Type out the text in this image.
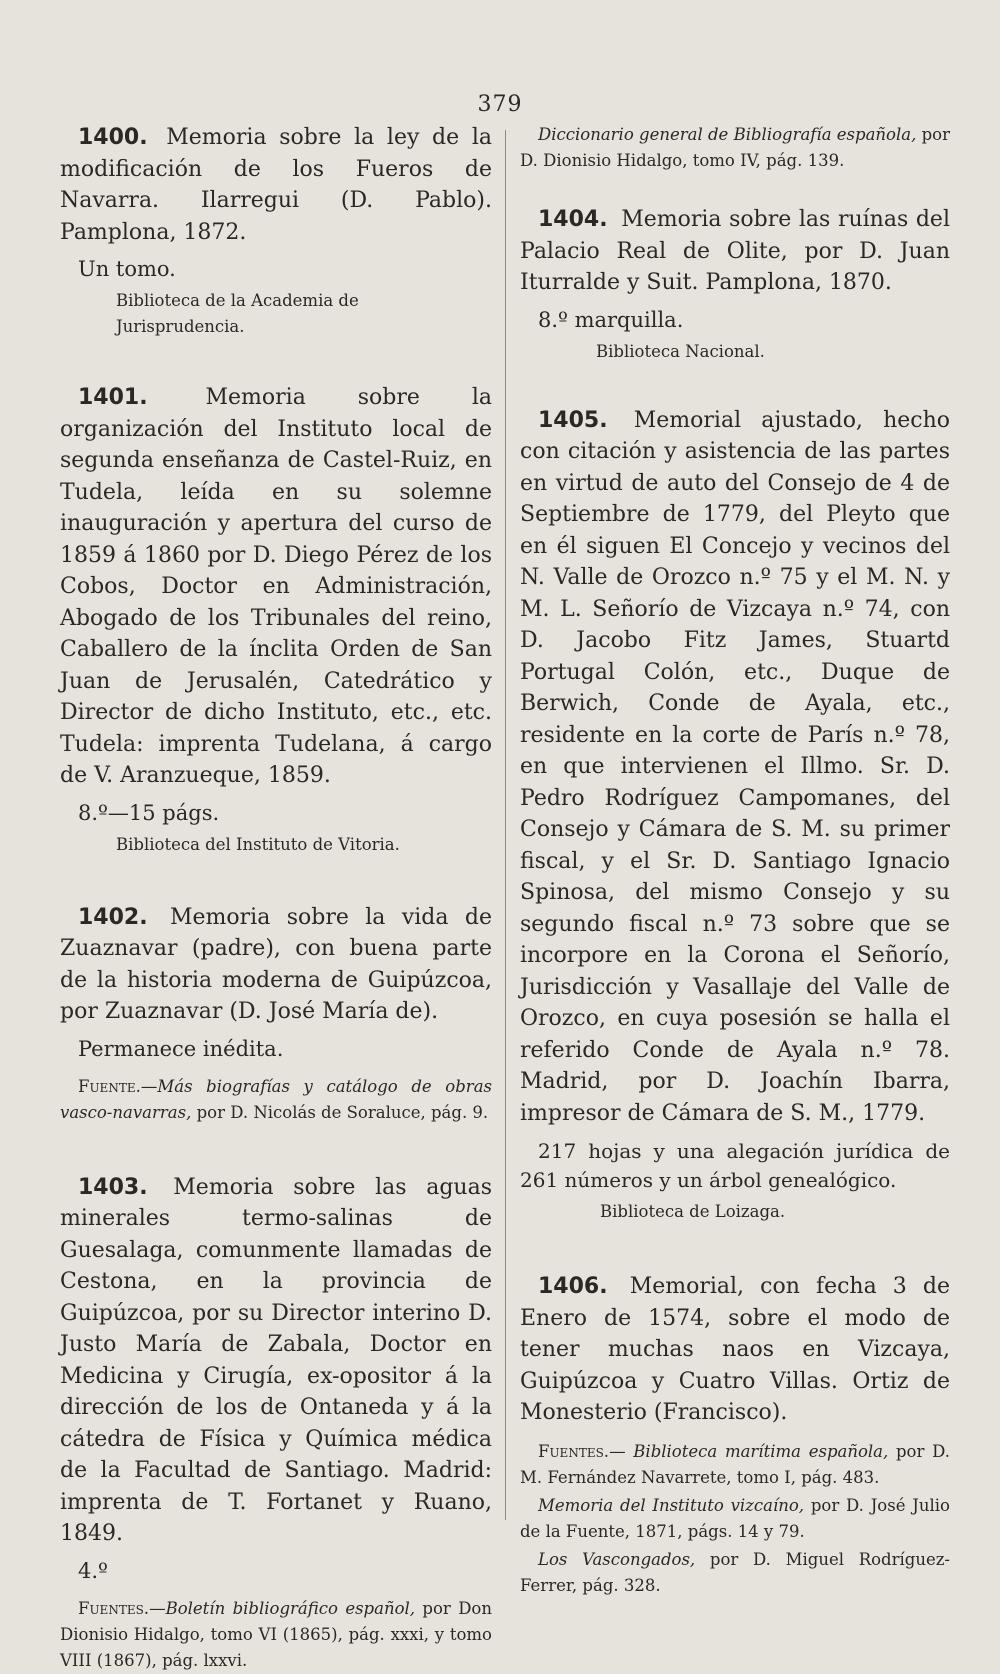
379

1400. Memoria sobre la ley de la modificación de los Fueros de Navarra. Ilarregui (D. Pablo). Pamplona, 1872.

Un tomo.
Biblioteca de la Academia de Jurisprudencia.

1401.	Memoria sobre la organización del Instituto local de segunda enseñanza de Castel-Ruiz, en Tudela, leída en su solemne inauguración y apertura del curso de 1859 á 1860 por D. Diego Pérez de los Cobos, Doctor en Administración, Abogado de los Tribunales del reino, Caballero de la ínclita Orden de San Juan de Jerusalén, Catedrático y Director de dicho Instituto, etc., etc. Tudela: imprenta Tudelana, á cargo de V. Aranzueque, 1859.

8.º—15 págs.
Biblioteca del Instituto de Vitoria.

1402. Memoria sobre la vida de Zuaznavar (padre), con buena parte de la historia moderna de Guipúzcoa, por Zuaznavar (D. José María de).

Permanece inédita.

Fuente.—Más biografías y catálogo de obras vasco-navarras, por D. Nicolás de Soraluce, pág. 9.

1403. Memoria sobre las aguas minerales termo-salinas de Guesalaga, comunmente llamadas de Cestona, en la provincia de Guipúzcoa, por su Director interino D. Justo María de Zabala, Doctor en Medicina y Cirugía, ex-opositor á la dirección de los de Ontaneda y á la cátedra de Física y Química médica de la Facultad de Santiago. Madrid: imprenta de T. Fortanet y Ruano, 1849.

4.º

Fuentes.—Boletín bibliográfico español, por Don Dionisio Hidalgo, tomo VI (1865), pág. xxxi, y tomo VIII (1867), pág. lxxvi.

Diccionario general de Bibliografía española, por D. Dionisio Hidalgo, tomo IV, pág. 139.

1404. Memoria sobre las ruínas del Palacio Real de Olite, por D. Juan Iturralde y Suit. Pamplona, 1870.

8.º marquilla.
Biblioteca Nacional.

1405. Memorial ajustado, hecho con citación y asistencia de las partes en virtud de auto del Consejo de 4 de Septiembre de 1779, del Pleyto que en él siguen El Concejo y vecinos del N. Valle de Orozco n.º 75 y el M. N. y M. L. Señorío de Vizcaya n.º 74, con D. Jacobo Fitz James, Stuartd Portugal Colón, etc., Duque de Berwich, Conde de Ayala, etc., residente en la corte de París n.º 78, en que intervienen el Illmo. Sr. D. Pedro Rodríguez Campomanes, del Consejo y Cámara de S. M. su primer fiscal, y el Sr. D. Santiago Ignacio Spinosa, del mismo Consejo y su segundo fiscal n.º 73 sobre que se incorpore en la Corona el Señorío, Jurisdicción y Vasallaje del Valle de Orozco, en cuya posesión se halla el referido Conde de Ayala n.º 78. Madrid, por D. Joachín Ibarra, impresor de Cámara de S. M., 1779.

217 hojas y una alegación jurídica de 261 números y un árbol genealógico.

Biblioteca de Loizaga.

1406. Memorial, con fecha 3 de Enero de 1574, sobre el modo de tener muchas naos en Vizcaya, Guipúzcoa y Cuatro Villas. Ortiz de Monesterio (Francisco).

Fuentes.— Biblioteca marítima española, por D. M. Fernández Navarrete, tomo I, pág. 483.

Memoria del Instituto vizcaíno, por D. José Julio de la Fuente, 1871, págs. 14 y 79.

Los Vascongados, por D. Miguel Rodríguez-Ferrer, pág. 328.
